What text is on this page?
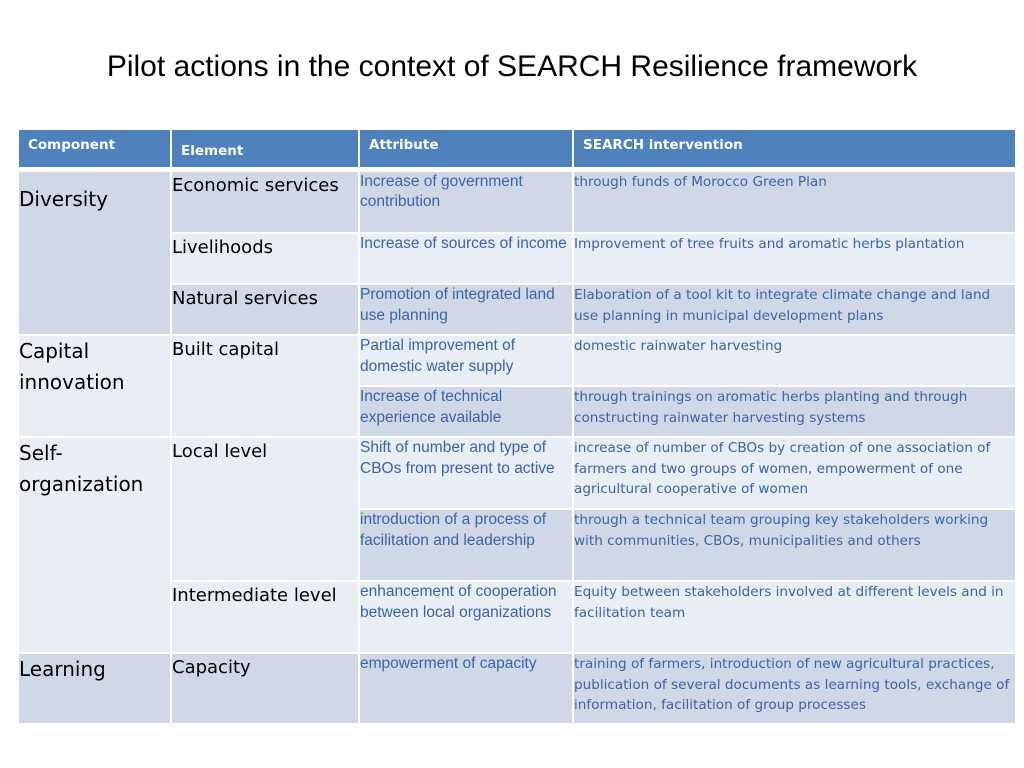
Pilot actions in the context of SEARCH Resilience framework
Component	Element	Attribute	SEARCH intervention
Diversity	Economic services	Increase of government contribution	through funds of Morocco Green Plan
	Livelihoods	Increase of sources of income	Improvement of tree fruits and aromatic herbs plantation
	Natural services	Promotion of integrated land use planning	Elaboration of a tool kit to integrate climate change and land use planning in municipal development plans
Capital innovation	Built capital	Partial improvement of domestic water supply	domestic rainwater harvesting
		Increase of technical experience available	through trainings on aromatic herbs planting and through constructing rainwater harvesting systems
Self-organization	Local level	Shift of number and type of CBOs from present to active	increase of number of CBOs by creation of one association of farmers and two groups of women, empowerment of one agricultural cooperative of women
		introduction of a process of facilitation and leadership	through a technical team grouping key stakeholders working with communities, CBOs, municipalities and others
	Intermediate level	enhancement of cooperation between local organizations	Equity between stakeholders involved at different levels and in facilitation team
Learning	Capacity	empowerment of capacity	training of farmers, introduction of new agricultural practices, publication of several documents as learning tools, exchange of information, facilitation of group processes
